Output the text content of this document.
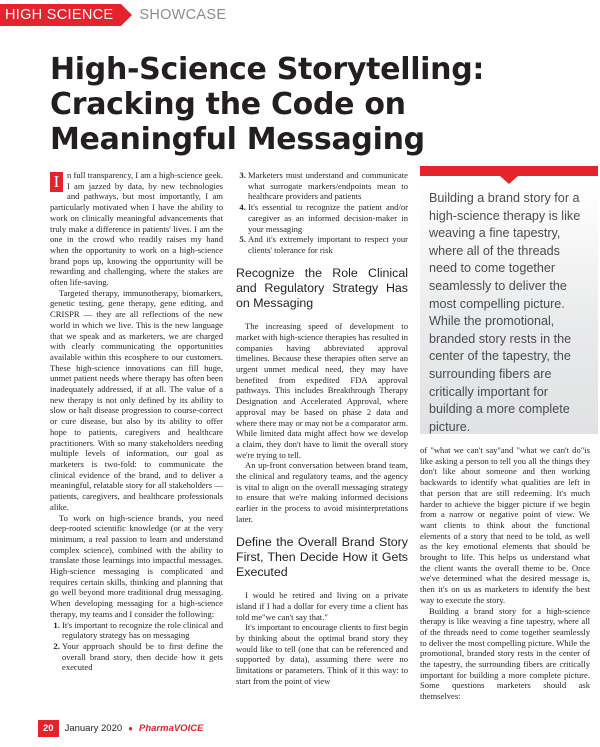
HIGH SCIENCE	SHOWCASE
High-Science Storytelling: Cracking the Code on Meaningful Messaging

I n full transparency, I am a high-science geek. I am jazzed by data, by new technologies and pathways, but most importantly, I am particularly motivated when I have the ability to work on clinically meaningful advancements that truly make a difference in patients' lives. I am the one in the crowd who readily raises my hand when the opportunity to work on a high-science brand pops up, knowing the opportunity will be rewarding and challenging, where the stakes are often life-saving.

Targeted therapy, immunotherapy, biomarkers, genetic testing, gene therapy, gene editing, and CRISPR — they are all reflections of the new world in which we live. This is the new language that we speak and as marketers, we are charged with clearly communicating the opportunities available within this ecosphere to our customers. These high-science innovations can fill huge, unmet patient needs where therapy has often been inadequately addressed, if at all. The value of a new therapy is not only defined by its ability to slow or halt disease progression to course-correct or cure disease, but also by its ability to offer hope to patients, caregivers and healthcare practitioners. With so many stakeholders needing multiple levels of information, our goal as marketers is two-fold: to communicate the clinical evidence of the brand, and to deliver a meaningful, relatable story for all stakeholders — patients, caregivers, and healthcare professionals alike.

To work on high-science brands, you need deep-rooted scientific knowledge (or at the very minimum, a real passion to learn and understand complex science), combined with the ability to translate those learnings into impactful messages. High-science messaging is complicated and requires certain skills, thinking and planning that go well beyond more traditional drug messaging. When developing messaging for a high-science therapy, my teams and I consider the following:

1. It's important to recognize the role clinical and regulatory strategy has on messaging
2. Your approach should be to first define the overall brand story, then decide how it gets executed
3. Marketers must understand and communicate what surrogate markers/endpoints mean to healthcare providers and patients
4. It's essential to recognize the patient and/or caregiver as an informed decision-maker in your messaging
5. And it's extremely important to respect your clients' tolerance for risk
Recognize the Role Clinical and Regulatory Strategy Has on Messaging

The increasing speed of development to market with high-science therapies has resulted in companies having abbreviated approval timelines. Because these therapies often serve an urgent unmet medical need, they may have benefited from expedited FDA approval pathways. This includes Breakthrough Therapy Designation and Accelerated Approval, where approval may be based on phase 2 data and where there may or may not be a comparator arm. While limited data might affect how we develop a claim, they don't have to limit the overall story we're trying to tell.

An up-front conversation between brand team, the clinical and regulatory teams, and the agency is vital to align on the overall messaging strategy to ensure that we're making informed decisions earlier in the process to avoid misinterpretations later.

Define the Overall Brand Story First, Then Decide How it Gets Executed

I would be retired and living on a private island if I had a dollar for every time a client has told me"we can't say that."

It's important to encourage clients to first begin by thinking about the optimal brand story they would like to tell (one that can be referenced and supported by data), assuming there were no limitations or parameters. Think of it this way: to start from the point of view

Building a brand story for a high-science therapy is like weaving a fine tapestry, where all of the threads need to come together seamlessly to deliver the most compelling picture. While the promotional, branded story rests in the center of the tapestry, the surrounding fibers are critically important for building a more complete picture.

of "what we can't say"and "what we can't do"is like asking a person to tell you all the things they don't like about someone and then working backwards to identify what qualities are left in that person that are still redeeming. It's much harder to achieve the bigger picture if we begin from a narrow or negative point of view. We want clients to think about the functional elements of a story that need to be told, as well as the key emotional elements that should be brought to life. This helps us understand what the client wants the overall theme to be. Once we've determined what the desired message is, then it's on us as marketers to identify the best way to execute the story.

Building a brand story for a high-science therapy is like weaving a fine tapestry, where all of the threads need to come together seamlessly to deliver the most compelling picture. While the promotional, branded story rests in the center of the tapestry, the surrounding fibers are critically important for building a more complete picture. Some questions marketers should ask themselves:

20	January 2020 ● PharmaVOICE
